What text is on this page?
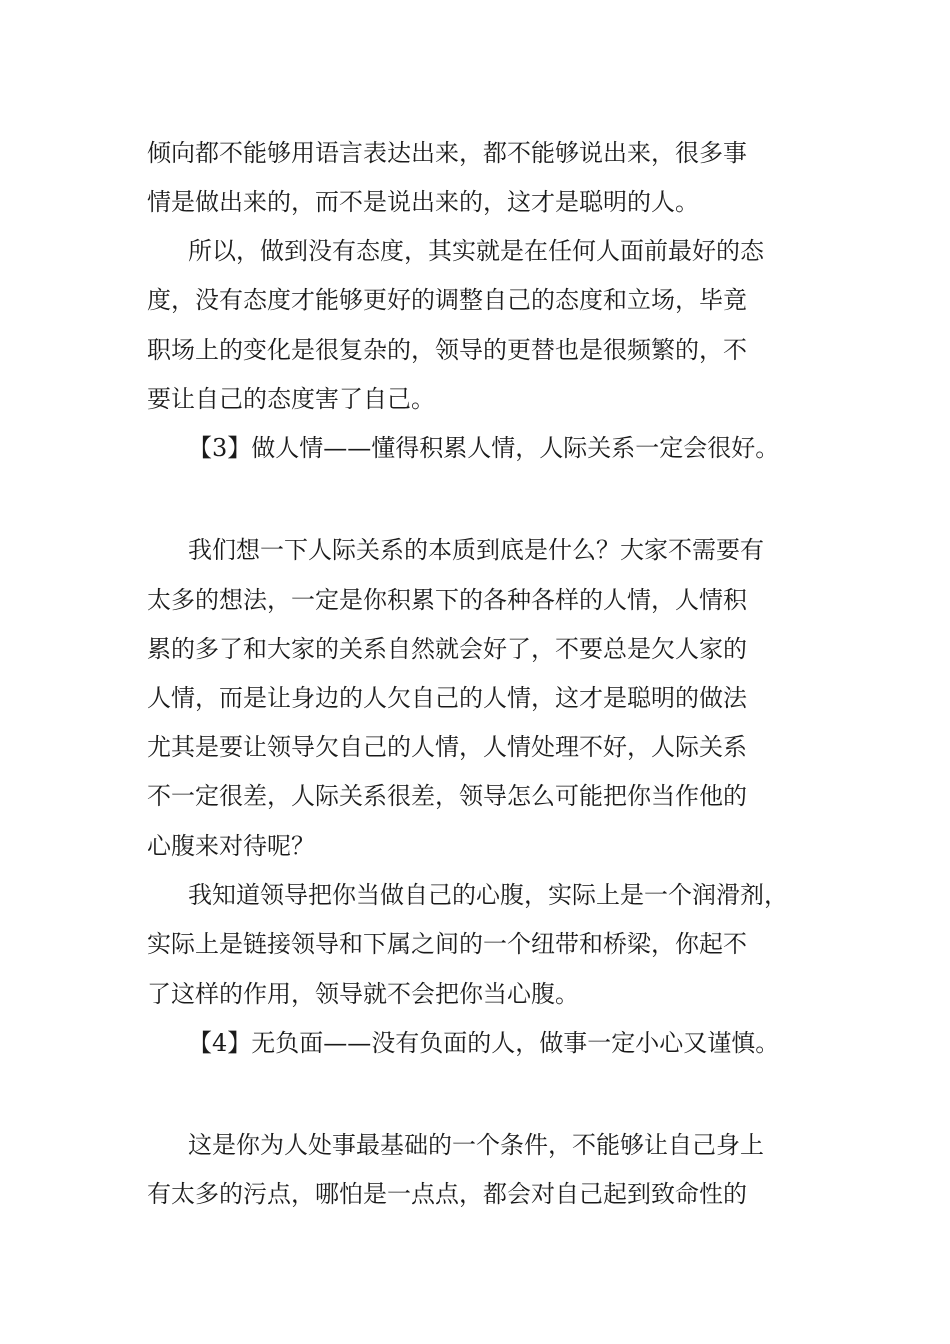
倾向都不能够用语言表达出来，都不能够说出来，很多事

情是做出来的，而不是说出来的，这才是聪明的人。

所以，做到没有态度，其实就是在任何人面前最好的态

度，没有态度才能够更好的调整自己的态度和立场，毕竟

职场上的变化是很复杂的，领导的更替也是很频繁的，不

要让自己的态度害了自己。

【3】做人情——懂得积累人情，人际关系一定会很好。

我们想一下人际关系的本质到底是什么？大家不需要有

太多的想法，一定是你积累下的各种各样的人情，人情积

累的多了和大家的关系自然就会好了，不要总是欠人家的

人情，而是让身边的人欠自己的人情，这才是聪明的做法

尤其是要让领导欠自己的人情，人情处理不好，人际关系

不一定很差，人际关系很差，领导怎么可能把你当作他的

心腹来对待呢？

我知道领导把你当做自己的心腹，实际上是一个润滑剂，

实际上是链接领导和下属之间的一个纽带和桥梁，你起不

了这样的作用，领导就不会把你当心腹。

【4】无负面——没有负面的人，做事一定小心又谨慎。

这是你为人处事最基础的一个条件，不能够让自己身上

有太多的污点，哪怕是一点点，都会对自己起到致命性的
